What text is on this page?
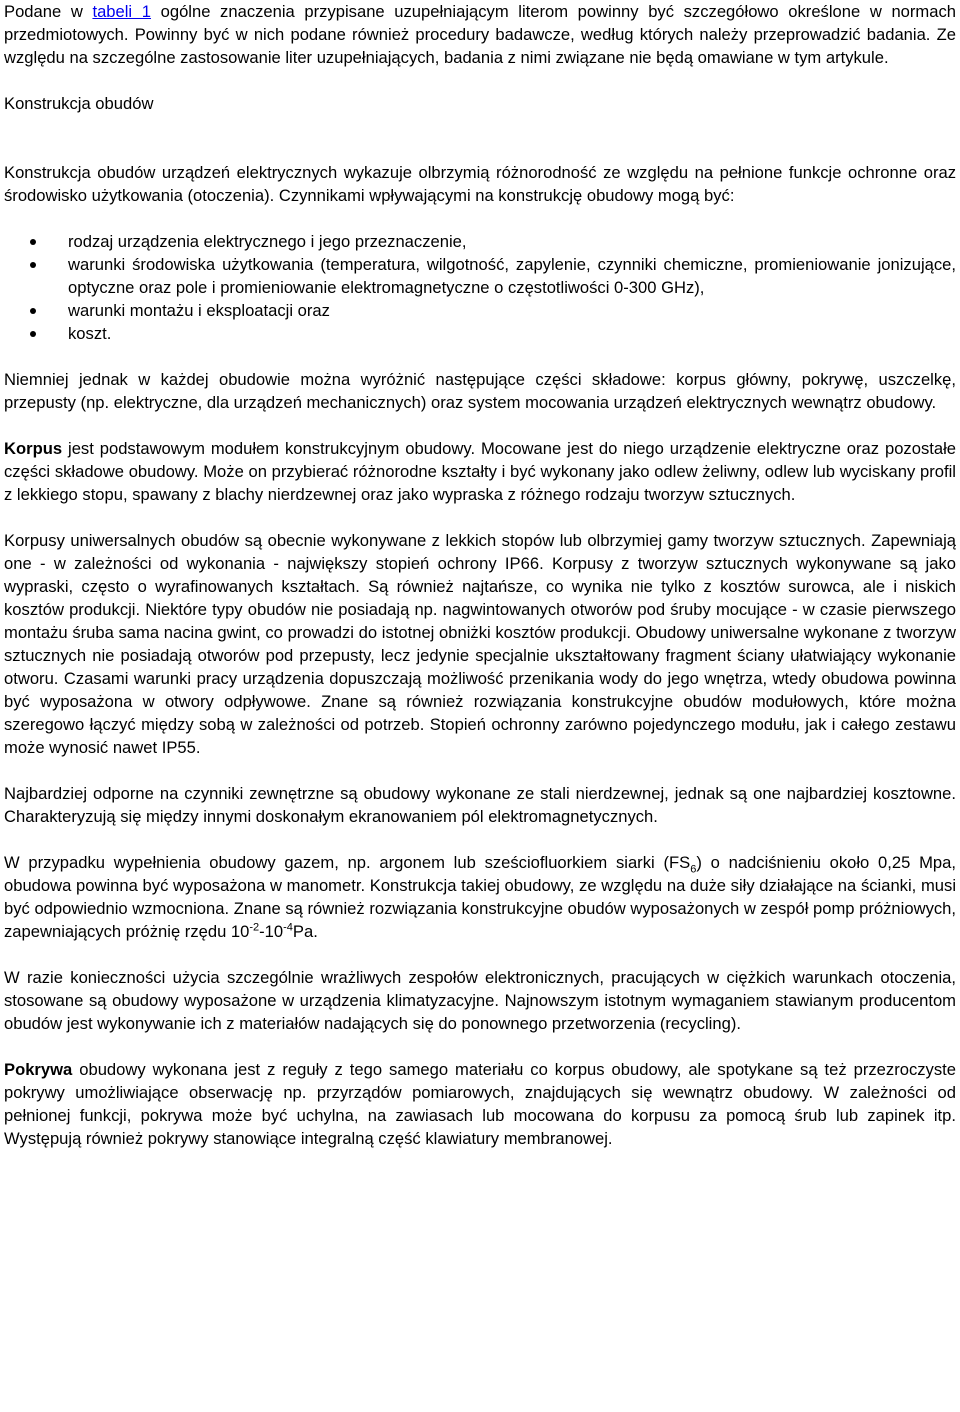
Podane w tabeli 1 ogólne znaczenia przypisane uzupełniającym literom powinny być szczegółowo określone w normach przedmiotowych. Powinny być w nich podane również procedury badawcze, według których należy przeprowadzić badania. Ze względu na szczególne zastosowanie liter uzupełniających, badania z nimi związane nie będą omawiane w tym artykule.

Konstrukcja obudów

Konstrukcja obudów urządzeń elektrycznych wykazuje olbrzymią różnorodność ze względu na pełnione funkcje ochronne oraz środowisko użytkowania (otoczenia). Czynnikami wpływającymi na konstrukcję obudowy mogą być:

rodzaj urządzenia elektrycznego i jego przeznaczenie,
warunki środowiska użytkowania (temperatura, wilgotność, zapylenie, czynniki chemiczne, promieniowanie jonizujące, optyczne oraz pole i promieniowanie elektromagnetyczne o częstotliwości 0-300 GHz),
warunki montażu i eksploatacji oraz
koszt.

Niemniej jednak w każdej obudowie można wyróżnić następujące części składowe: korpus główny, pokrywę, uszczelkę, przepusty (np. elektryczne, dla urządzeń mechanicznych) oraz system mocowania urządzeń elektrycznych wewnątrz obudowy.

Korpus jest podstawowym modułem konstrukcyjnym obudowy. Mocowane jest do niego urządzenie elektryczne oraz pozostałe części składowe obudowy. Może on przybierać różnorodne kształty i być wykonany jako odlew żeliwny, odlew lub wyciskany profil z lekkiego stopu, spawany z blachy nierdzewnej oraz jako wypraska z różnego rodzaju tworzyw sztucznych.

Korpusy uniwersalnych obudów są obecnie wykonywane z lekkich stopów lub olbrzymiej gamy tworzyw sztucznych. Zapewniają one - w zależności od wykonania - największy stopień ochrony IP66. Korpusy z tworzyw sztucznych wykonywane są jako wypraski, często o wyrafinowanych kształtach. Są również najtańsze, co wynika nie tylko z kosztów surowca, ale i niskich kosztów produkcji. Niektóre typy obudów nie posiadają np. nagwintowanych otworów pod śruby mocujące - w czasie pierwszego montażu śruba sama nacina gwint, co prowadzi do istotnej obniżki kosztów produkcji. Obudowy uniwersalne wykonane z tworzyw sztucznych nie posiadają otworów pod przepusty, lecz jedynie specjalnie ukształtowany fragment ściany ułatwiający wykonanie otworu. Czasami warunki pracy urządzenia dopuszczają możliwość przenikania wody do jego wnętrza, wtedy obudowa powinna być wyposażona w otwory odpływowe. Znane są również rozwiązania konstrukcyjne obudów modułowych, które można szeregowo łączyć między sobą w zależności od potrzeb. Stopień ochronny zarówno pojedynczego modułu, jak i całego zestawu może wynosić nawet IP55.

Najbardziej odporne na czynniki zewnętrzne są obudowy wykonane ze stali nierdzewnej, jednak są one najbardziej kosztowne. Charakteryzują się między innymi doskonałym ekranowaniem pól elektromagnetycznych.

W przypadku wypełnienia obudowy gazem, np. argonem lub sześciofluorkiem siarki $(FS_6)$ o nadciśnieniu około 0,25 Mpa, obudowa powinna być wyposażona w manometr. Konstrukcja takiej obudowy, ze względu na duże siły działające na ścianki, musi być odpowiednio wzmocniona. Znane są również rozwiązania konstrukcyjne obudów wyposażonych w zespół pomp próżniowych, zapewniających próżnię rzędu $10^{-2}-10^{-4}Pa$.

W razie konieczności użycia szczególnie wrażliwych zespołów elektronicznych, pracujących w ciężkich warunkach otoczenia, stosowane są obudowy wyposażone w urządzenia klimatyzacyjne. Najnowszym istotnym wymaganiem stawianym producentom obudów jest wykonywanie ich z materiałów nadających się do ponownego przetworzenia (recycling).

Pokrywa obudowy wykonana jest z reguły z tego samego materiału co korpus obudowy, ale spotykane są też przezroczyste pokrywy umożliwiające obserwację np. przyrządów pomiarowych, znajdujących się wewnątrz obudowy. W zależności od pełnionej funkcji, pokrywa może być uchylna, na zawiasach lub mocowana do korpusu za pomocą śrub lub zapinek itp. Występują również pokrywy stanowiące integralną część klawiatury membranowej.
